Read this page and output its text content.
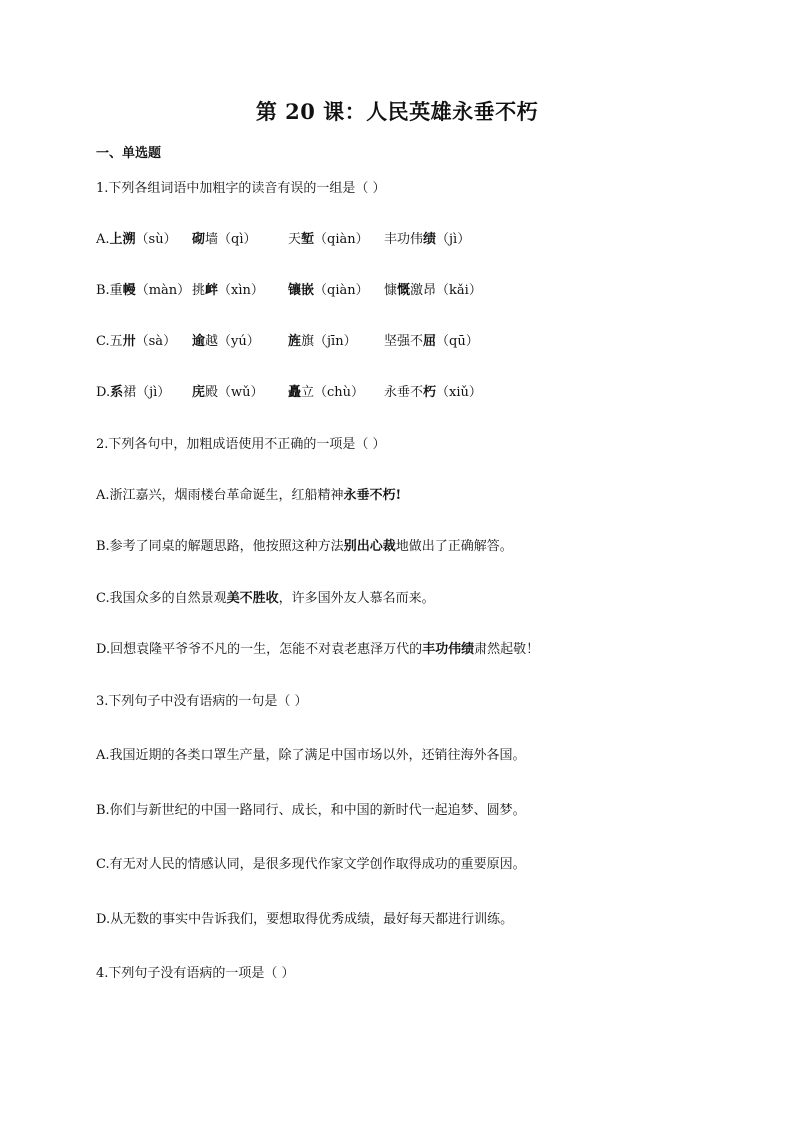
第 20 课：人民英雄永垂不朽
一、单选题
1.下列各组词语中加粗字的读音有误的一组是（ ）
A.上溯（sù） 砌墙（qì） 天堑（qiàn） 丰功伟绩（jì）
B.重幔（màn） 挑衅（xìn） 镶嵌（qiàn） 慷慨激昂（kǎi）
C.五卅（sà） 逾越（yú） 旌旗（jīn） 坚强不屈（qū）
D.系裙（jì） 庑殿（wǔ） 矗立（chù） 永垂不朽（xiǔ）
2.下列各句中，加粗成语使用不正确的一项是（ ）
A.浙江嘉兴，烟雨楼台革命诞生，红船精神永垂不朽!
B.参考了同桌的解题思路，他按照这种方法别出心裁地做出了正确解答。
C.我国众多的自然景观美不胜收，许多国外友人慕名而来。
D.回想袁隆平爷爷不凡的一生，怎能不对袁老惠泽万代的丰功伟绩肃然起敬！
3.下列句子中没有语病的一句是（ ）
A.我国近期的各类口罩生产量，除了满足中国市场以外，还销往海外各国。
B.你们与新世纪的中国一路同行、成长，和中国的新时代一起追梦、圆梦。
C.有无对人民的情感认同，是很多现代作家文学创作取得成功的重要原因。
D.从无数的事实中告诉我们，要想取得优秀成绩，最好每天都进行训练。
4.下列句子没有语病的一项是（ ）
